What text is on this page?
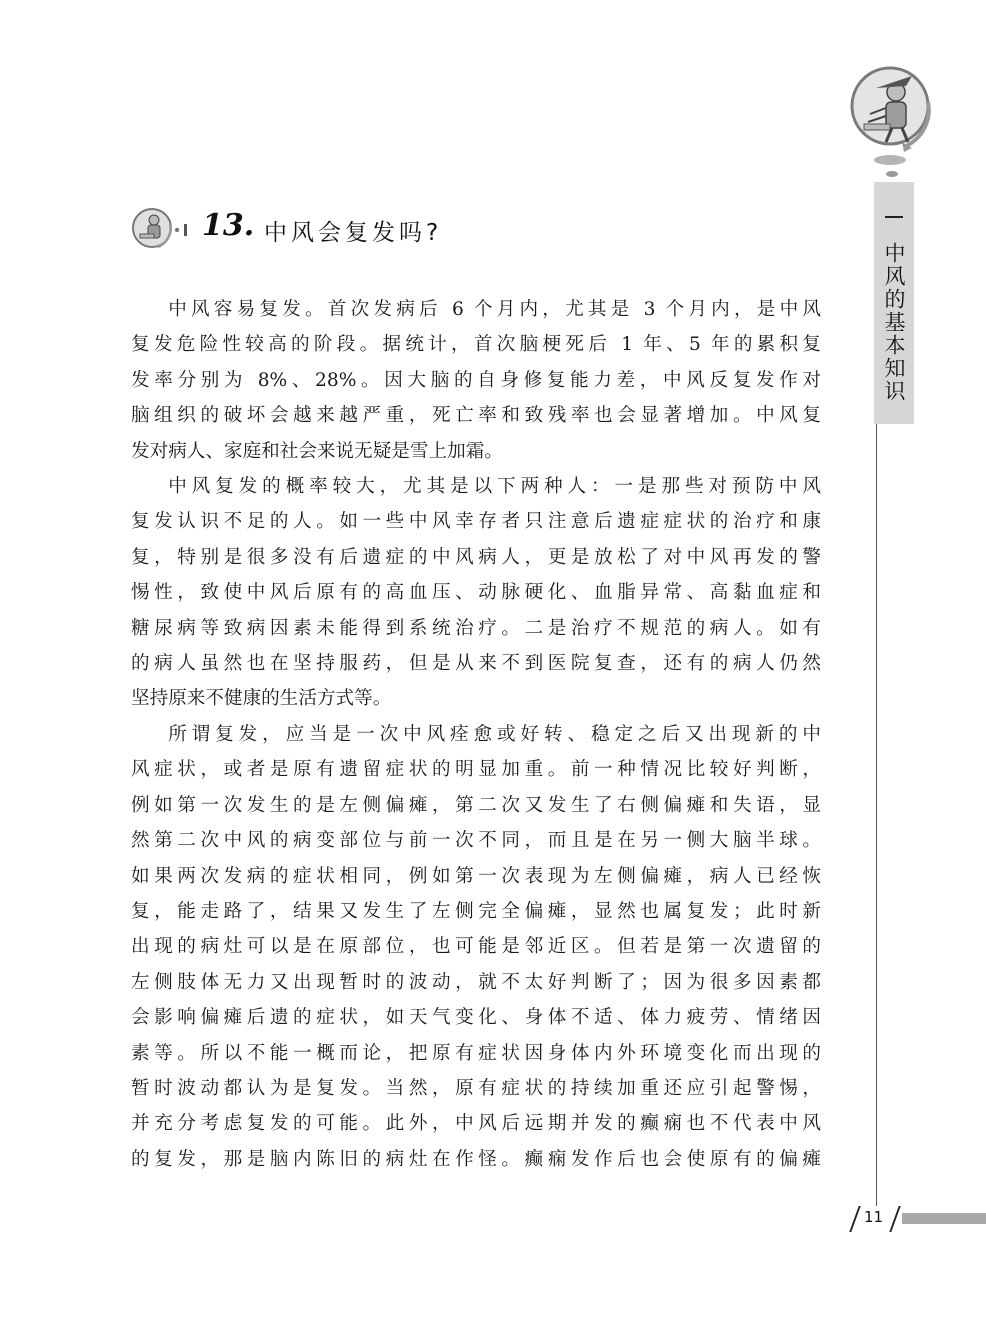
中风的基本知识
13. 中风会复发吗?

中风容易复发。首次发病后 6 个月内，尤其是 3 个月内，是中风

复发危险性较高的阶段。据统计，首次脑梗死后 1 年、5 年的累积复

发率分别为 8%、28%。因大脑的自身修复能力差，中风反复发作对

脑组织的破坏会越来越严重，死亡率和致残率也会显著增加。中风复

发对病人、家庭和社会来说无疑是雪上加霜。

中风复发的概率较大，尤其是以下两种人：一是那些对预防中风

复发认识不足的人。如一些中风幸存者只注意后遗症症状的治疗和康

复，特别是很多没有后遗症的中风病人，更是放松了对中风再发的警

惕性，致使中风后原有的高血压、动脉硬化、血脂异常、高黏血症和

糖尿病等致病因素未能得到系统治疗。二是治疗不规范的病人。如有

的病人虽然也在坚持服药，但是从来不到医院复查，还有的病人仍然

坚持原来不健康的生活方式等。

所谓复发，应当是一次中风痊愈或好转、稳定之后又出现新的中

风症状，或者是原有遗留症状的明显加重。前一种情况比较好判断，

例如第一次发生的是左侧偏瘫，第二次又发生了右侧偏瘫和失语，显

然第二次中风的病变部位与前一次不同，而且是在另一侧大脑半球。

如果两次发病的症状相同，例如第一次表现为左侧偏瘫，病人已经恢

复，能走路了，结果又发生了左侧完全偏瘫，显然也属复发；此时新

出现的病灶可以是在原部位，也可能是邻近区。但若是第一次遗留的

左侧肢体无力又出现暂时的波动，就不太好判断了；因为很多因素都

会影响偏瘫后遗的症状，如天气变化、身体不适、体力疲劳、情绪因

素等。所以不能一概而论，把原有症状因身体内外环境变化而出现的

暂时波动都认为是复发。当然，原有症状的持续加重还应引起警惕，

并充分考虑复发的可能。此外，中风后远期并发的癫痫也不代表中风

的复发，那是脑内陈旧的病灶在作怪。癫痫发作后也会使原有的偏瘫

11
